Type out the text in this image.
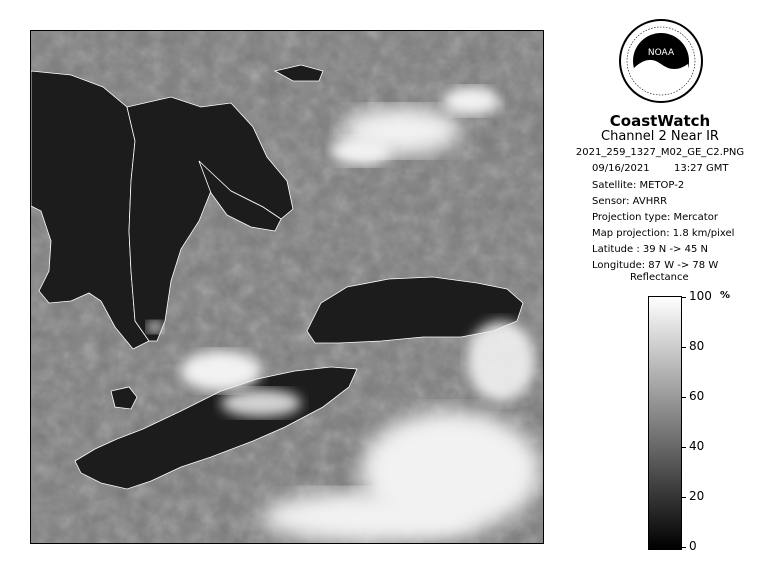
NOAA
CoastWatch
Channel 2 Near IR
2021_259_1327_M02_GE_C2.PNG
09/16/2021 13:27 GMT
Satellite: METOP-2
Sensor: AVHRR
Projection type: Mercator
Map projection: 1.8 km/pixel
Latitude : 39 N -> 45 N
Longitude: 87 W -> 78 W
Reflectance
%
100
80
60
40
20
0
